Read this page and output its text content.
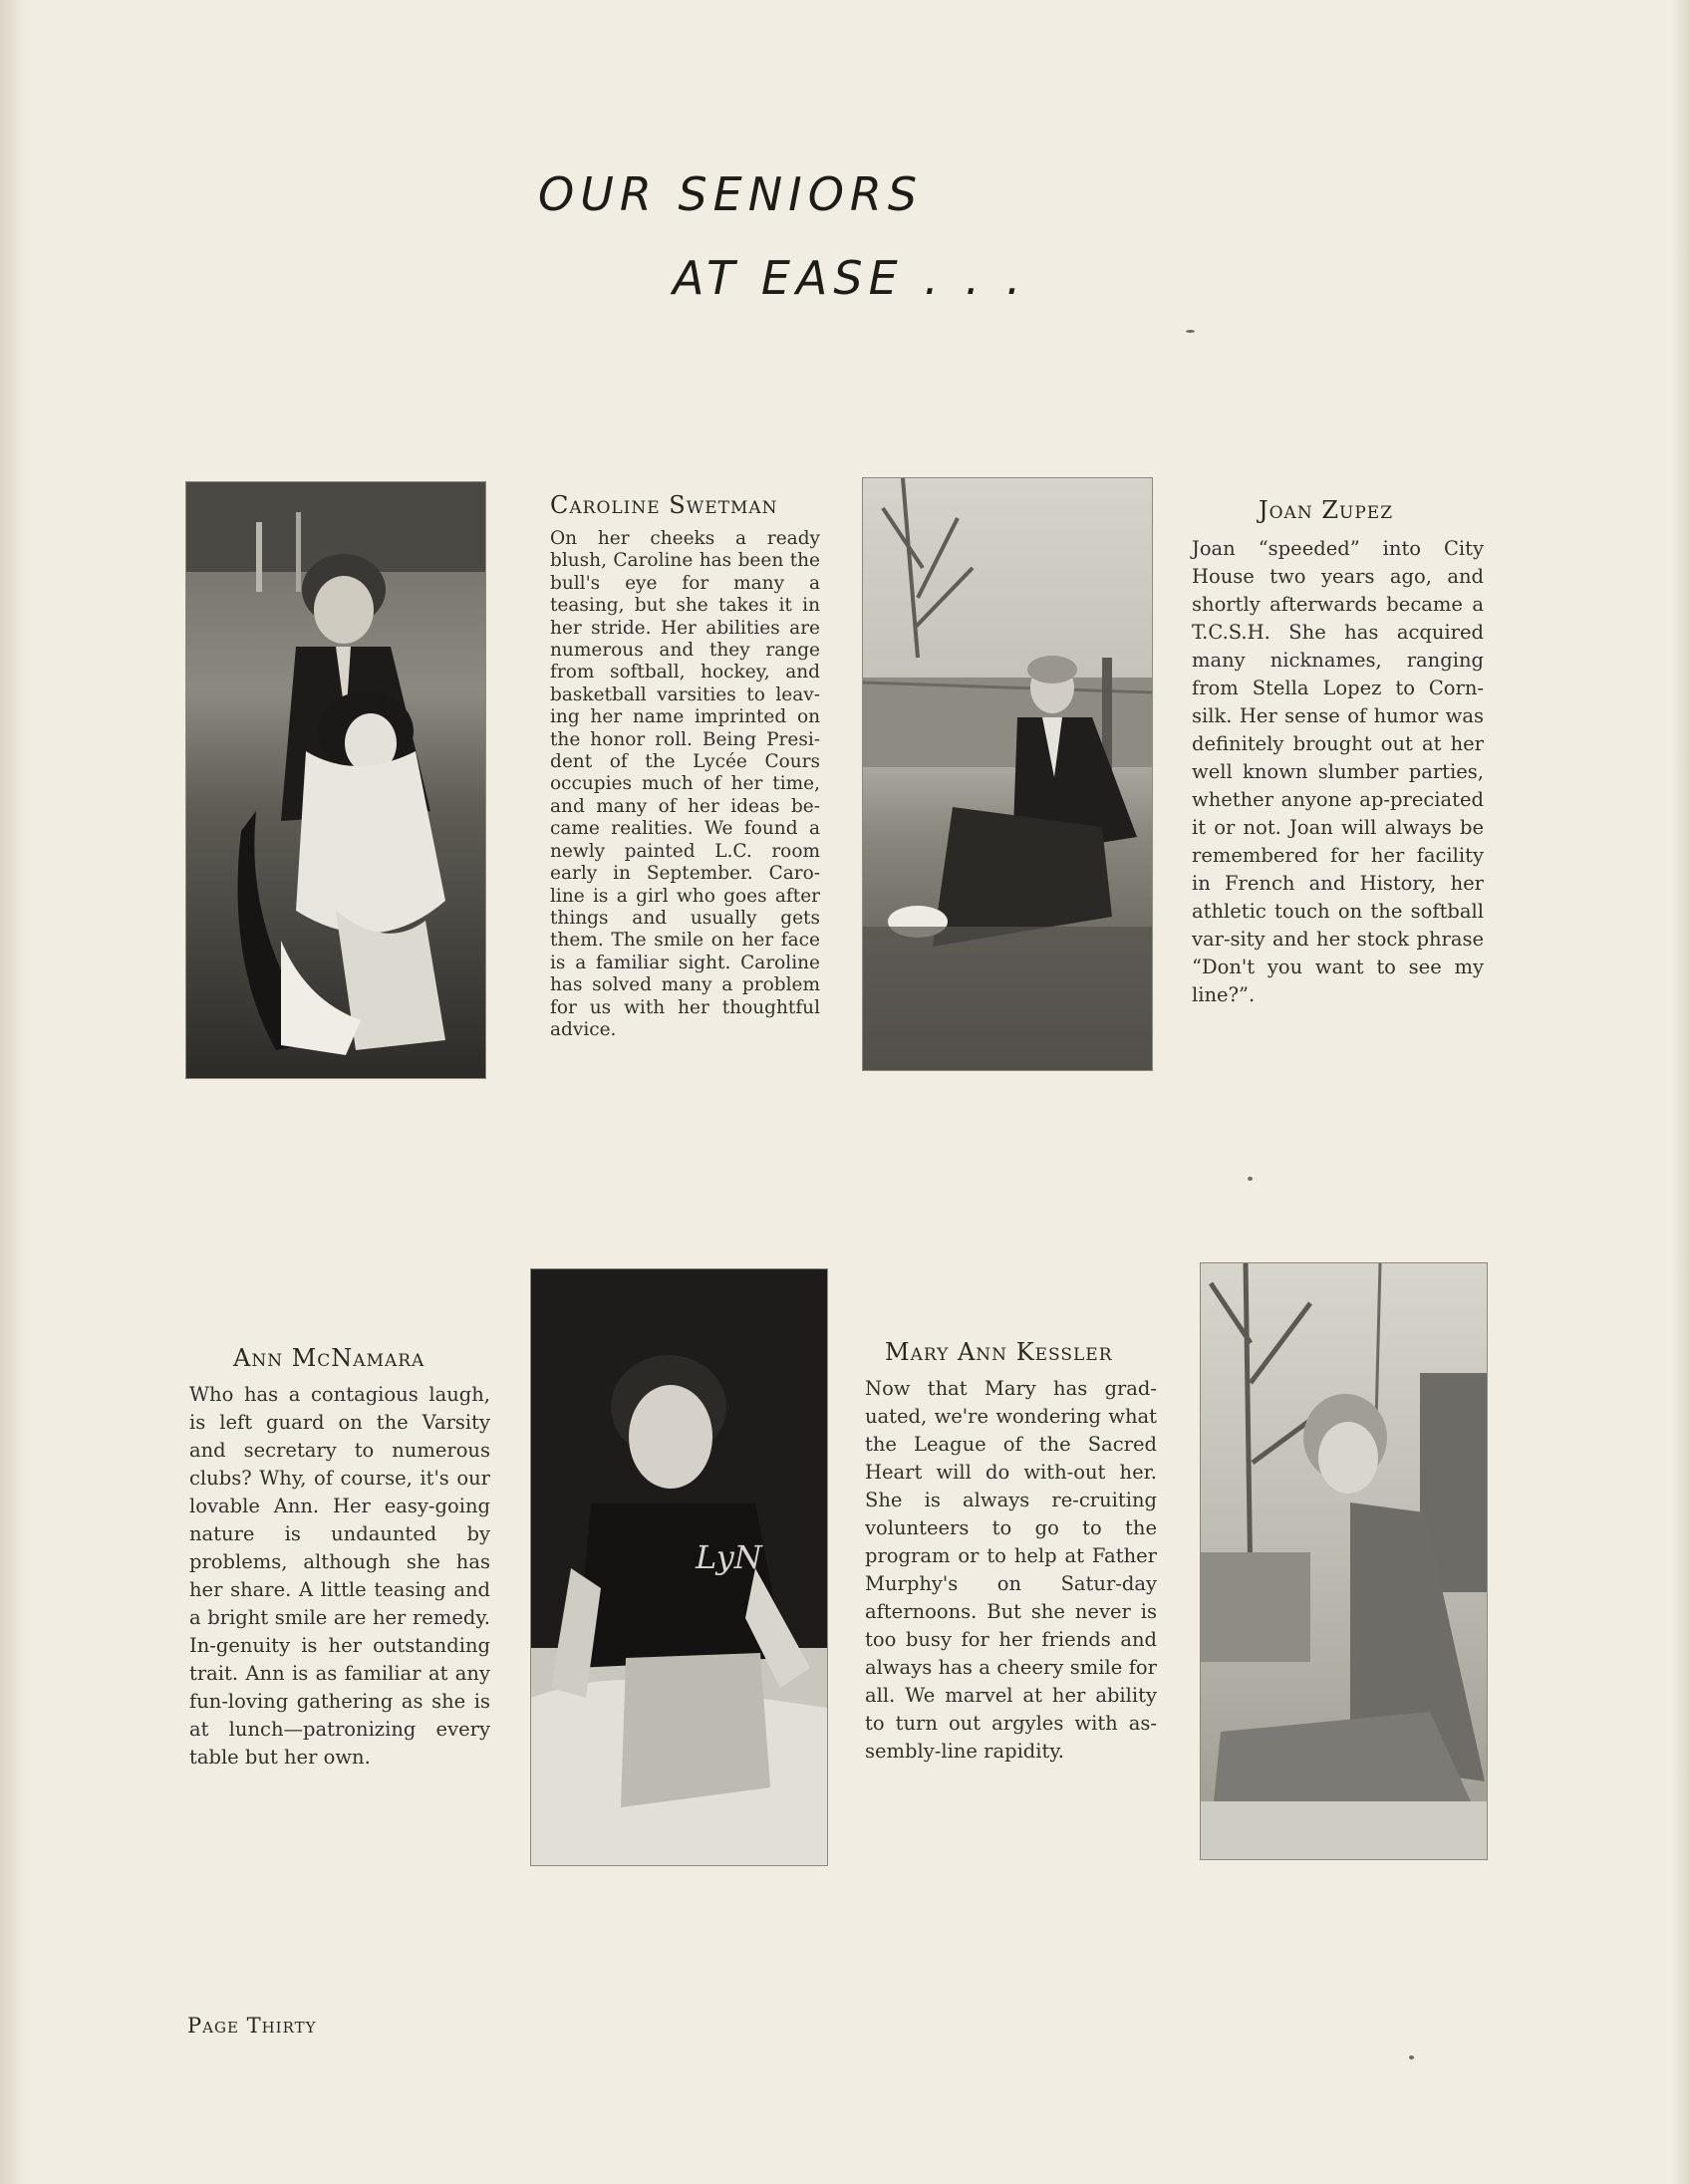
OUR SENIORS
AT EASE . . .
Caroline Swetman

On her cheeks a ready blush, Caroline has been the bull's eye for many a teasing, but she takes it in her stride. Her abilities are numerous and they range from softball, hockey, and basketball varsities to leav-ing her name imprinted on the honor roll. Being Presi-dent of the Lycée Cours occupies much of her time, and many of her ideas be-came realities. We found a newly painted L.C. room early in September. Caro-line is a girl who goes after things and usually gets them. The smile on her face is a familiar sight. Caroline has solved many a problem for us with her thoughtful advice.

Joan Zupez

Joan “speeded” into City House two years ago, and shortly afterwards became a T.C.S.H. She has acquired many nicknames, ranging from Stella Lopez to Corn-silk. Her sense of humor was definitely brought out at her well known slumber parties, whether anyone ap-preciated it or not. Joan will always be remembered for her facility in French and History, her athletic touch on the softball var-sity and her stock phrase “Don't you want to see my line?”.

LyN
Ann McNamara

Who has a contagious laugh, is left guard on the Varsity and secretary to numerous clubs? Why, of course, it's our lovable Ann. Her easy-going nature is undaunted by problems, although she has her share. A little teasing and a bright smile are her remedy. In-genuity is her outstanding trait. Ann is as familiar at any fun-loving gathering as she is at lunch—patronizing every table but her own.

Mary Ann Kessler

Now that Mary has grad-uated, we're wondering what the League of the Sacred Heart will do with-out her. She is always re-cruiting volunteers to go to the program or to help at Father Murphy's on Satur-day afternoons. But she never is too busy for her friends and always has a cheery smile for all. We marvel at her ability to turn out argyles with as-sembly-line rapidity.

Page Thirty
